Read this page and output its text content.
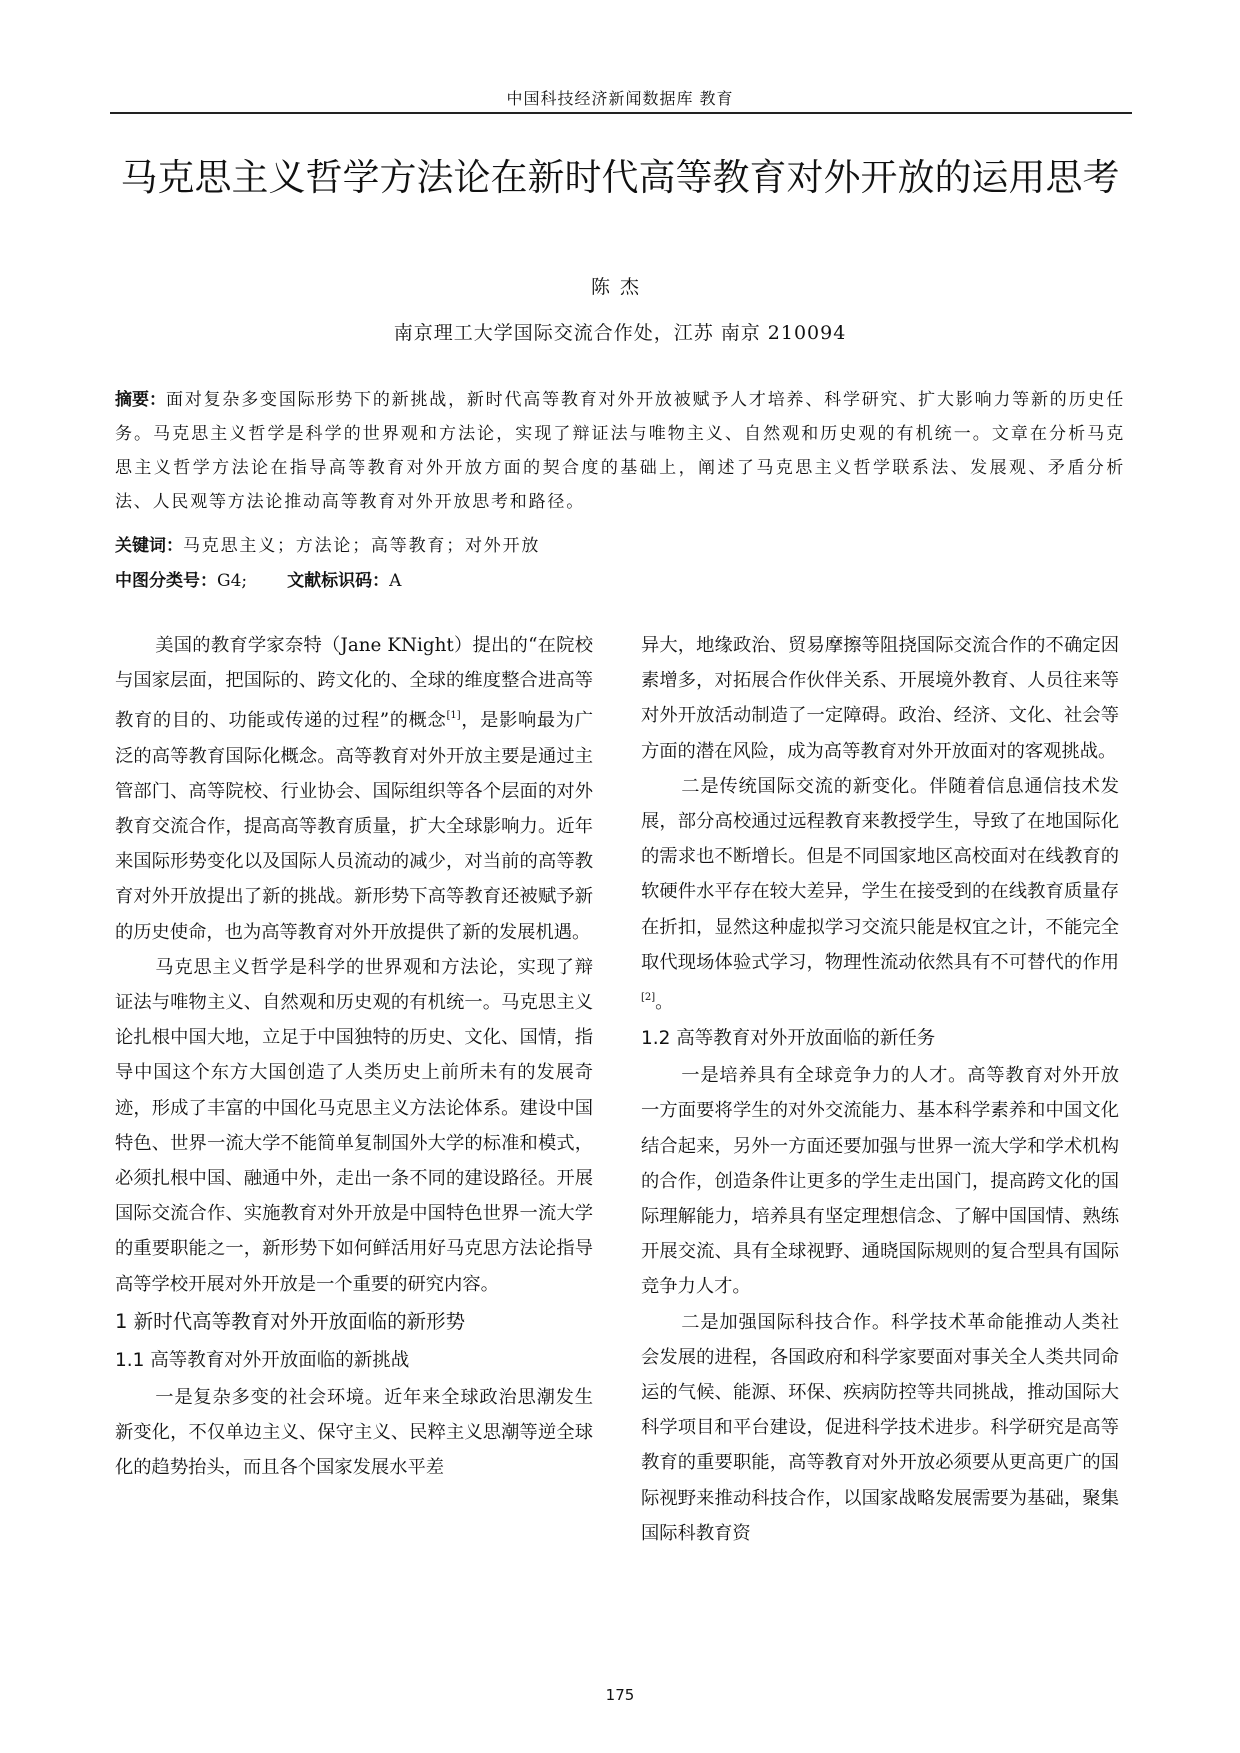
中国科技经济新闻数据库 教育
马克思主义哲学方法论在新时代高等教育对外开放的运用思考
陈杰
南京理工大学国际交流合作处，江苏 南京 210094
摘要：面对复杂多变国际形势下的新挑战，新时代高等教育对外开放被赋予人才培养、科学研究、扩大影响力等新的历史任务。马克思主义哲学是科学的世界观和方法论，实现了辩证法与唯物主义、自然观和历史观的有机统一。文章在分析马克思主义哲学方法论在指导高等教育对外开放方面的契合度的基础上，阐述了马克思主义哲学联系法、发展观、矛盾分析法、人民观等方法论推动高等教育对外开放思考和路径。
关键词：马克思主义；方法论；高等教育；对外开放
中图分类号：G4; 文献标识码：A

美国的教育学家奈特（Jane KNight）提出的“在院校与国家层面，把国际的、跨文化的、全球的维度整合进高等教育的目的、功能或传递的过程”的概念[1]，是影响最为广泛的高等教育国际化概念。高等教育对外开放主要是通过主管部门、高等院校、行业协会、国际组织等各个层面的对外教育交流合作，提高高等教育质量，扩大全球影响力。近年来国际形势变化以及国际人员流动的减少，对当前的高等教育对外开放提出了新的挑战。新形势下高等教育还被赋予新的历史使命，也为高等教育对外开放提供了新的发展机遇。

马克思主义哲学是科学的世界观和方法论，实现了辩证法与唯物主义、自然观和历史观的有机统一。马克思主义论扎根中国大地，立足于中国独特的历史、文化、国情，指导中国这个东方大国创造了人类历史上前所未有的发展奇迹，形成了丰富的中国化马克思主义方法论体系。建设中国特色、世界一流大学不能简单复制国外大学的标准和模式，必须扎根中国、融通中外，走出一条不同的建设路径。开展国际交流合作、实施教育对外开放是中国特色世界一流大学的重要职能之一，新形势下如何鲜活用好马克思方法论指导高等学校开展对外开放是一个重要的研究内容。

1 新时代高等教育对外开放面临的新形势
1.1 高等教育对外开放面临的新挑战

一是复杂多变的社会环境。近年来全球政治思潮发生新变化，不仅单边主义、保守主义、民粹主义思潮等逆全球化的趋势抬头，而且各个国家发展水平差

异大，地缘政治、贸易摩擦等阻挠国际交流合作的不确定因素增多，对拓展合作伙伴关系、开展境外教育、人员往来等对外开放活动制造了一定障碍。政治、经济、文化、社会等方面的潜在风险，成为高等教育对外开放面对的客观挑战。

二是传统国际交流的新变化。伴随着信息通信技术发展，部分高校通过远程教育来教授学生，导致了在地国际化的需求也不断增长。但是不同国家地区高校面对在线教育的软硬件水平存在较大差异，学生在接受到的在线教育质量存在折扣，显然这种虚拟学习交流只能是权宜之计，不能完全取代现场体验式学习，物理性流动依然具有不可替代的作用[2]。

1.2 高等教育对外开放面临的新任务

一是培养具有全球竞争力的人才。高等教育对外开放一方面要将学生的对外交流能力、基本科学素养和中国文化结合起来，另外一方面还要加强与世界一流大学和学术机构的合作，创造条件让更多的学生走出国门，提高跨文化的国际理解能力，培养具有坚定理想信念、了解中国国情、熟练开展交流、具有全球视野、通晓国际规则的复合型具有国际竞争力人才。

二是加强国际科技合作。科学技术革命能推动人类社会发展的进程，各国政府和科学家要面对事关全人类共同命运的气候、能源、环保、疾病防控等共同挑战，推动国际大科学项目和平台建设，促进科学技术进步。科学研究是高等教育的重要职能，高等教育对外开放必须要从更高更广的国际视野来推动科技合作，以国家战略发展需要为基础，聚集国际科教育资

175
